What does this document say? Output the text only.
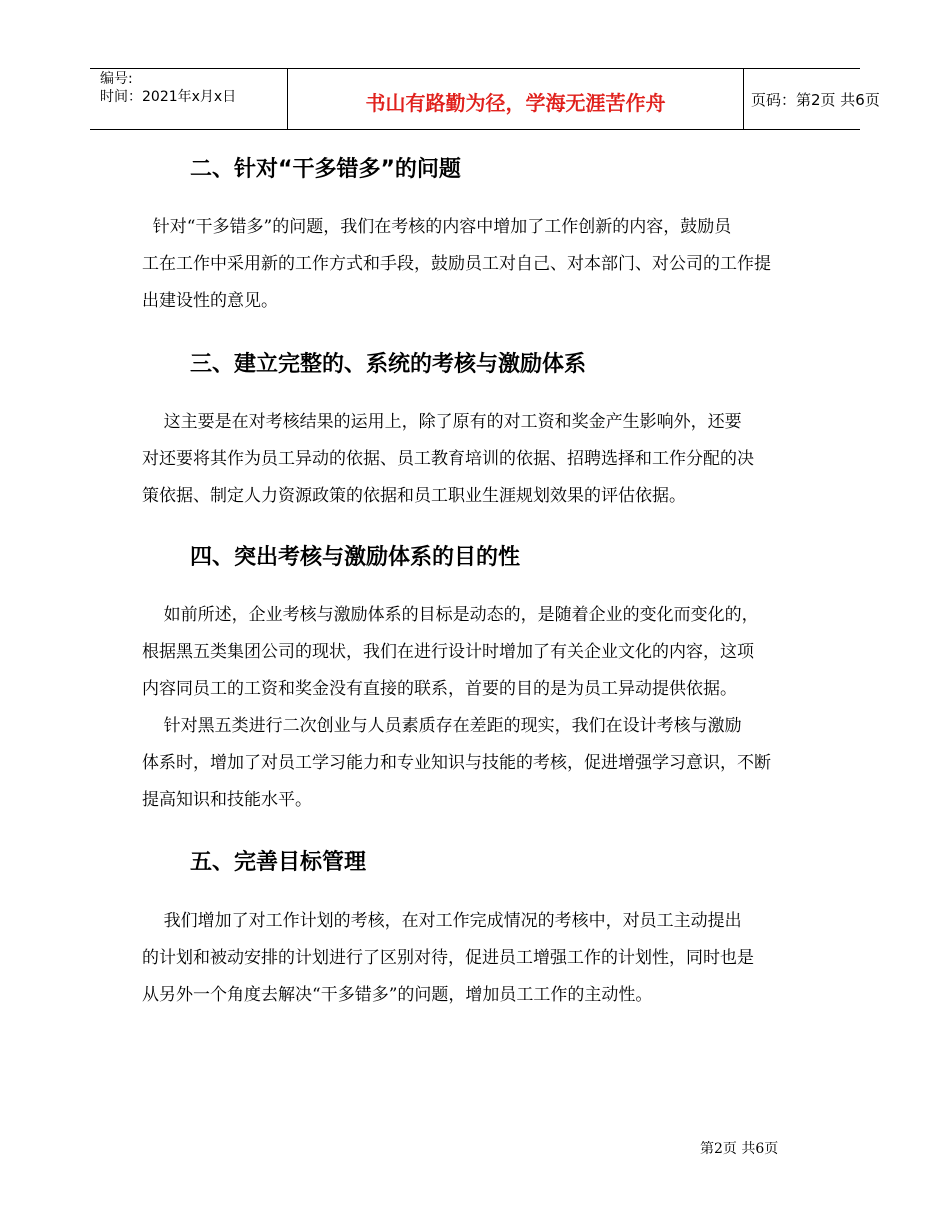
编号:
时间：2021年x月x日	书山有路勤为径，学海无涯苦作舟	页码：第2页 共6页
二、针对“干多错多”的问题
针对“干多错多”的问题，我们在考核的内容中增加了工作创新的内容，鼓励员
工在工作中采用新的工作方式和手段，鼓励员工对自己、对本部门、对公司的工作提
出建设性的意见。
三、建立完整的、系统的考核与激励体系
这主要是在对考核结果的运用上，除了原有的对工资和奖金产生影响外，还要
对还要将其作为员工异动的依据、员工教育培训的依据、招聘选择和工作分配的决
策依据、制定人力资源政策的依据和员工职业生涯规划效果的评估依据。
四、突出考核与激励体系的目的性
如前所述，企业考核与激励体系的目标是动态的，是随着企业的变化而变化的，
根据黑五类集团公司的现状，我们在进行设计时增加了有关企业文化的内容，这项
内容同员工的工资和奖金没有直接的联系，首要的目的是为员工异动提供依据。
针对黑五类进行二次创业与人员素质存在差距的现实，我们在设计考核与激励
体系时，增加了对员工学习能力和专业知识与技能的考核，促进增强学习意识，不断
提高知识和技能水平。
五、完善目标管理
我们增加了对工作计划的考核，在对工作完成情况的考核中，对员工主动提出
的计划和被动安排的计划进行了区别对待，促进员工增强工作的计划性，同时也是
从另外一个角度去解决“干多错多”的问题，增加员工工作的主动性。
第2页 共6页
